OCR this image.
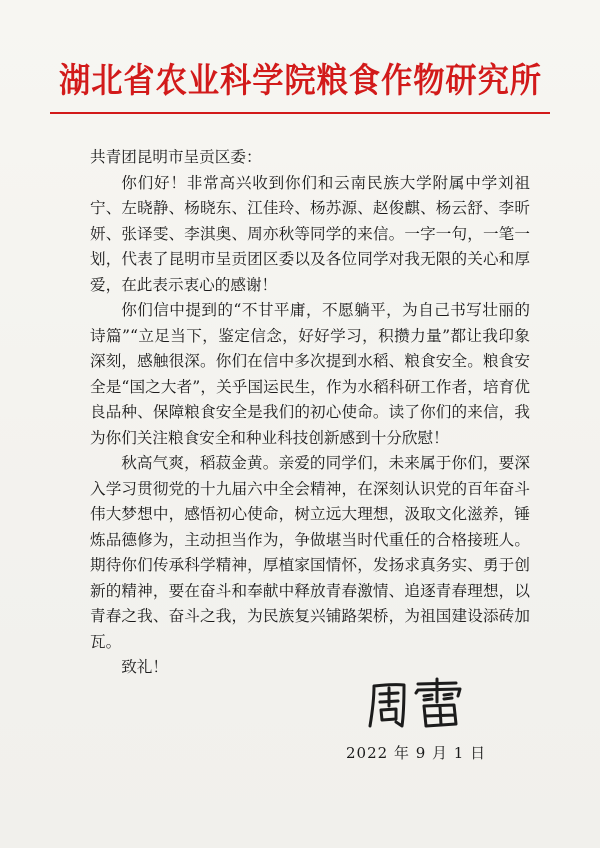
湖北省农业科学院粮食作物研究所

共青团昆明市呈贡区委：

你们好！非常高兴收到你们和云南民族大学附属中学刘祖宁、左晓静、杨晓东、江佳玲、杨苏源、赵俊麒、杨云舒、李昕妍、张译雯、李淇奥、周亦秋等同学的来信。一字一句，一笔一划，代表了昆明市呈贡团区委以及各位同学对我无限的关心和厚爱，在此表示衷心的感谢！

你们信中提到的“不甘平庸，不愿躺平，为自己书写壮丽的诗篇”“立足当下，鉴定信念，好好学习，积攒力量”都让我印象深刻，感触很深。你们在信中多次提到水稻、粮食安全。粮食安全是“国之大者”，关乎国运民生，作为水稻科研工作者，培育优良品种、保障粮食安全是我们的初心使命。读了你们的来信，我为你们关注粮食安全和种业科技创新感到十分欣慰！

秋高气爽，稻菽金黄。亲爱的同学们，未来属于你们，要深入学习贯彻党的十九届六中全会精神，在深刻认识党的百年奋斗伟大梦想中，感悟初心使命，树立远大理想，汲取文化滋养，锤炼品德修为，主动担当作为，争做堪当时代重任的合格接班人。期待你们传承科学精神，厚植家国情怀，发扬求真务实、勇于创新的精神，要在奋斗和奉献中释放青春激情、追逐青春理想，以青春之我、奋斗之我，为民族复兴铺路架桥，为祖国建设添砖加瓦。

致礼！

2022 年 9 月 1 日
